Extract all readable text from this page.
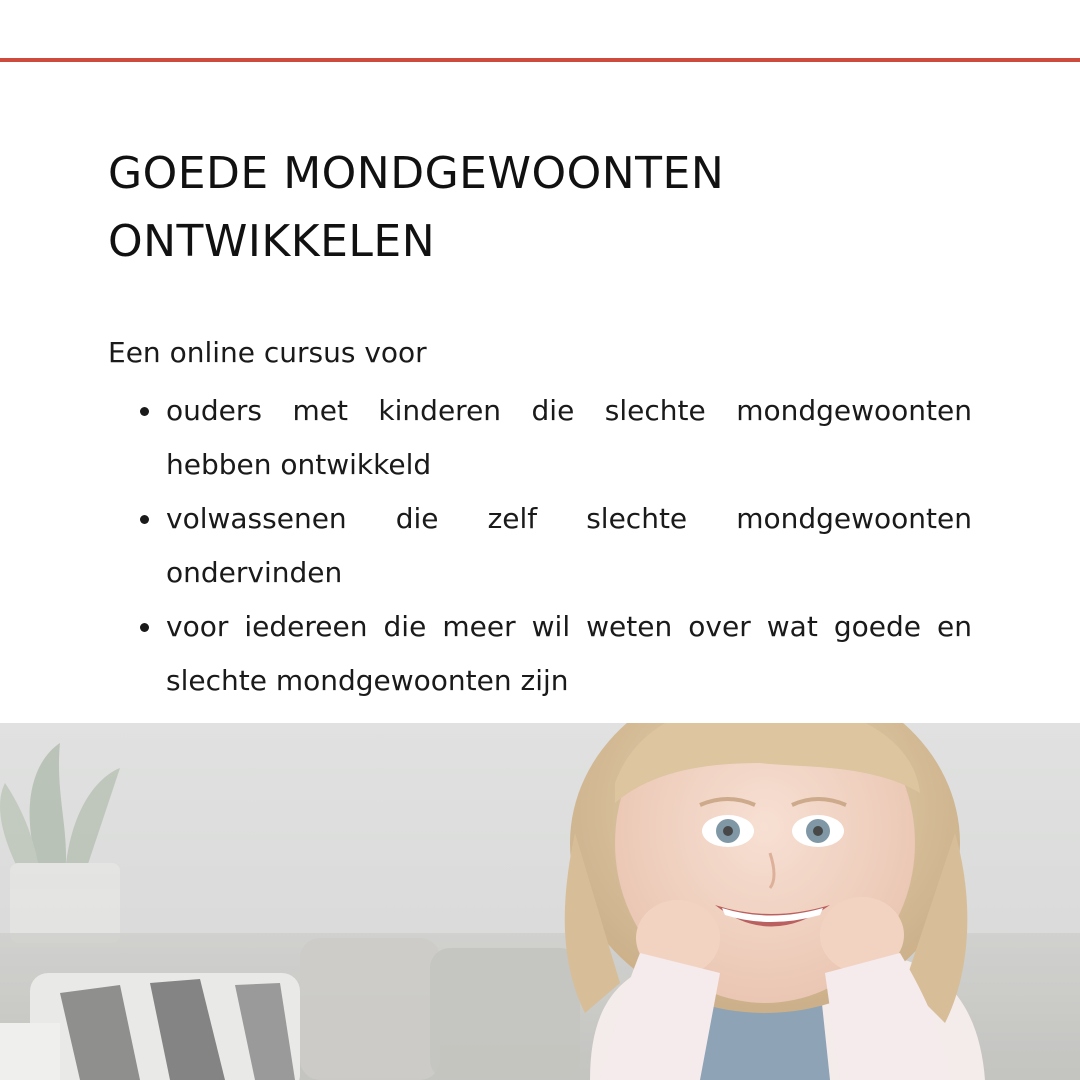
GOEDE MONDGEWOONTEN
ONTWIKKELEN

Een online cursus voor

ouders met kinderen die slechte mondgewoonten hebben ontwikkeld
volwassenen die zelf slechte mondgewoonten ondervinden
voor iedereen die meer wil weten over wat goede en slechte mondgewoonten zijn
